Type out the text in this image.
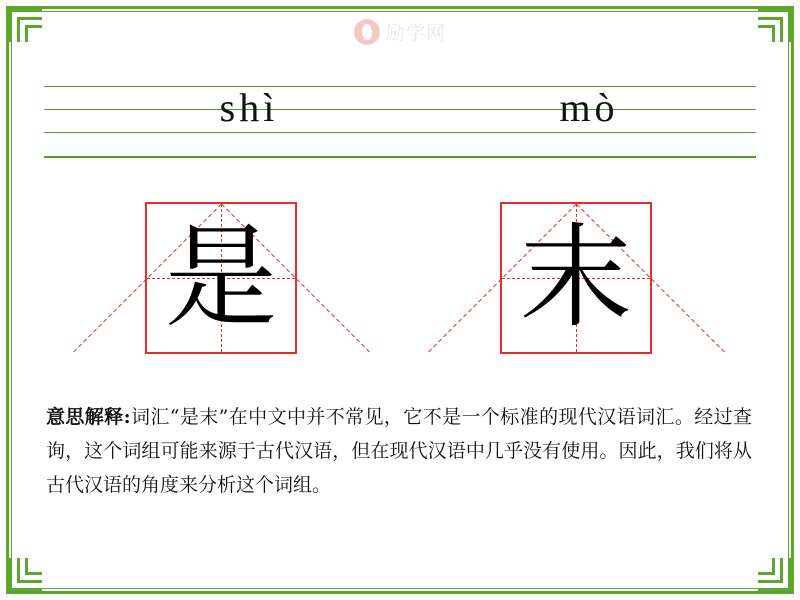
励学网
shì	mò
是 末
意思解释:词汇“是末”在中文中并不常见，它不是一个标准的现代汉语词汇。经过查询，这个词组可能来源于古代汉语，但在现代汉语中几乎没有使用。因此，我们将从古代汉语的角度来分析这个词组。
